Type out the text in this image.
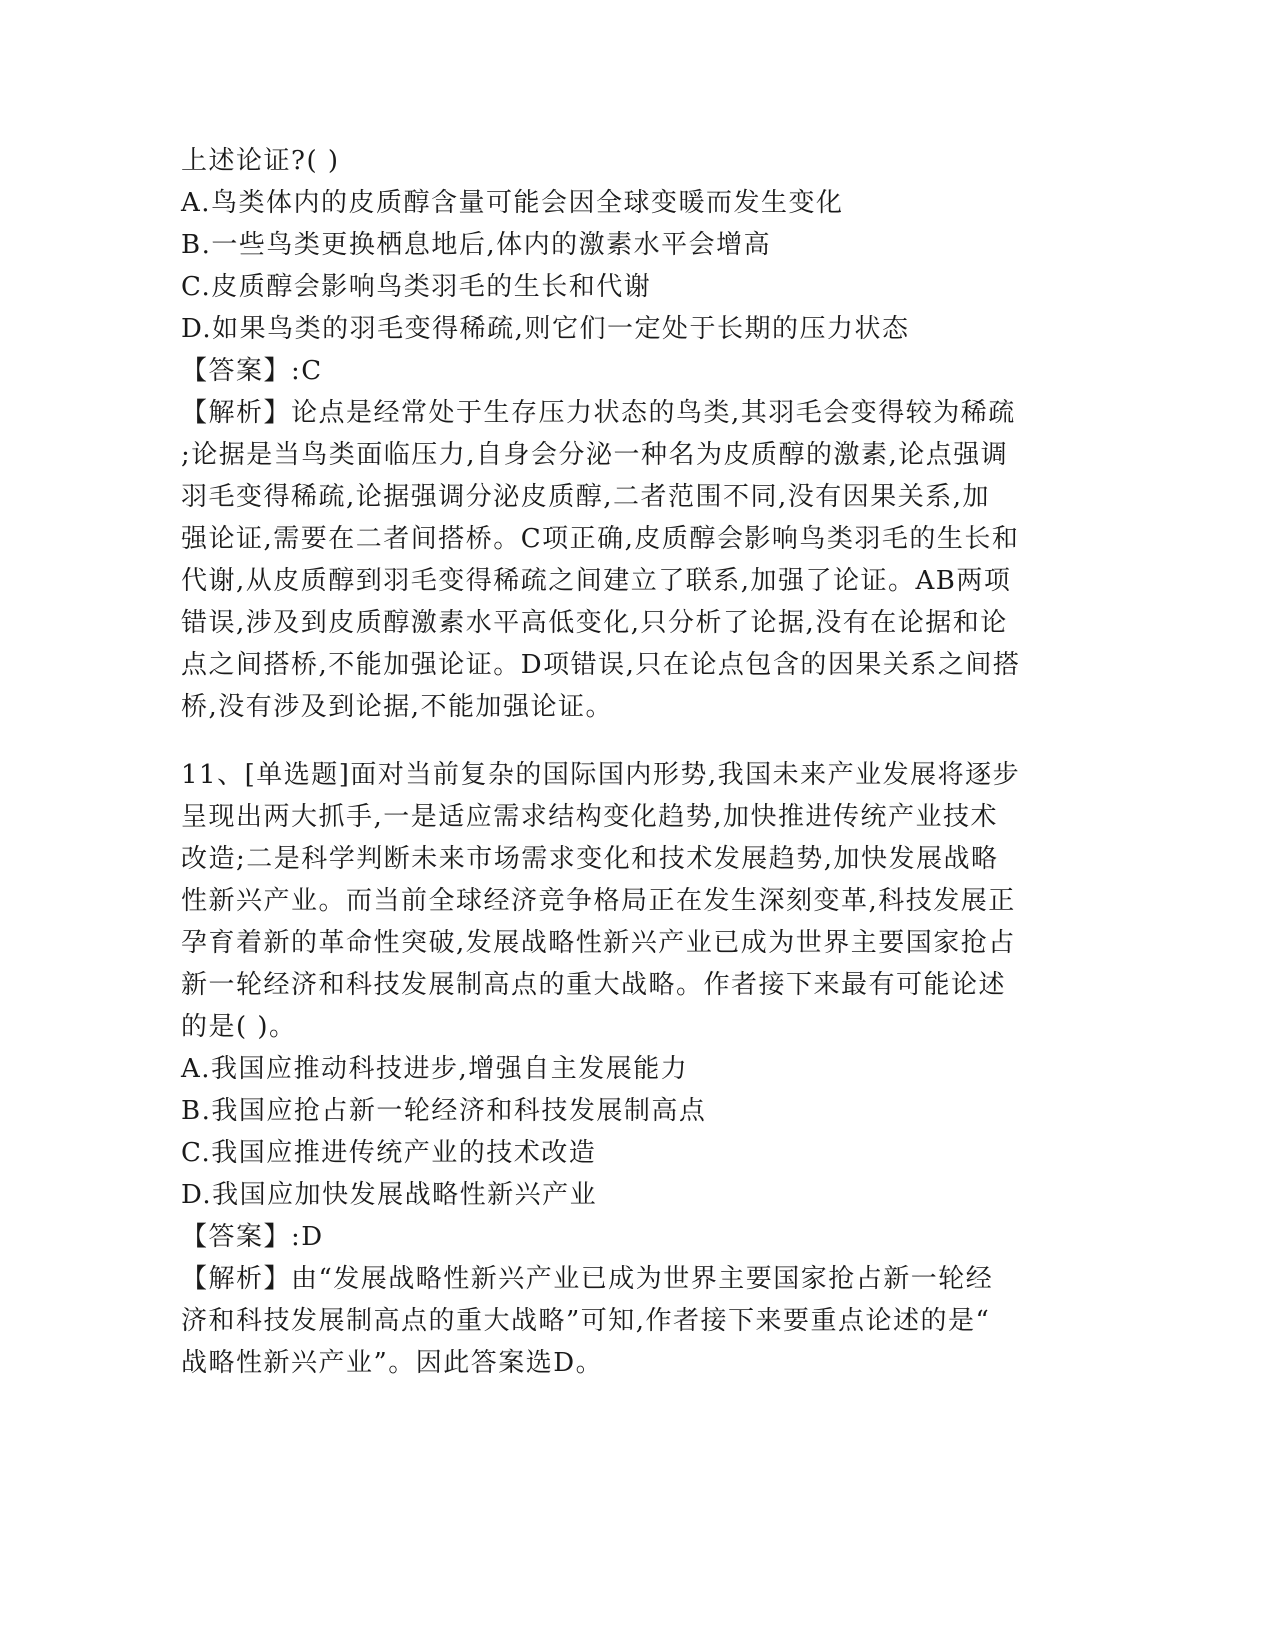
上述论证?( )
A.鸟类体内的皮质醇含量可能会因全球变暖而发生变化
B.一些鸟类更换栖息地后,体内的激素水平会增高
C.皮质醇会影响鸟类羽毛的生长和代谢
D.如果鸟类的羽毛变得稀疏,则它们一定处于长期的压力状态
【答案】:C
【解析】论点是经常处于生存压力状态的鸟类,其羽毛会变得较为稀疏
;论据是当鸟类面临压力,自身会分泌一种名为皮质醇的激素,论点强调
羽毛变得稀疏,论据强调分泌皮质醇,二者范围不同,没有因果关系,加
强论证,需要在二者间搭桥。C项正确,皮质醇会影响鸟类羽毛的生长和
代谢,从皮质醇到羽毛变得稀疏之间建立了联系,加强了论证。AB两项
错误,涉及到皮质醇激素水平高低变化,只分析了论据,没有在论据和论
点之间搭桥,不能加强论证。D项错误,只在论点包含的因果关系之间搭
桥,没有涉及到论据,不能加强论证。
11、[单选题]面对当前复杂的国际国内形势,我国未来产业发展将逐步
呈现出两大抓手,一是适应需求结构变化趋势,加快推进传统产业技术
改造;二是科学判断未来市场需求变化和技术发展趋势,加快发展战略
性新兴产业。而当前全球经济竞争格局正在发生深刻变革,科技发展正
孕育着新的革命性突破,发展战略性新兴产业已成为世界主要国家抢占
新一轮经济和科技发展制高点的重大战略。作者接下来最有可能论述
的是( )。
A.我国应推动科技进步,增强自主发展能力
B.我国应抢占新一轮经济和科技发展制高点
C.我国应推进传统产业的技术改造
D.我国应加快发展战略性新兴产业
【答案】:D
【解析】由“发展战略性新兴产业已成为世界主要国家抢占新一轮经
济和科技发展制高点的重大战略”可知,作者接下来要重点论述的是“
战略性新兴产业”。因此答案选D。
